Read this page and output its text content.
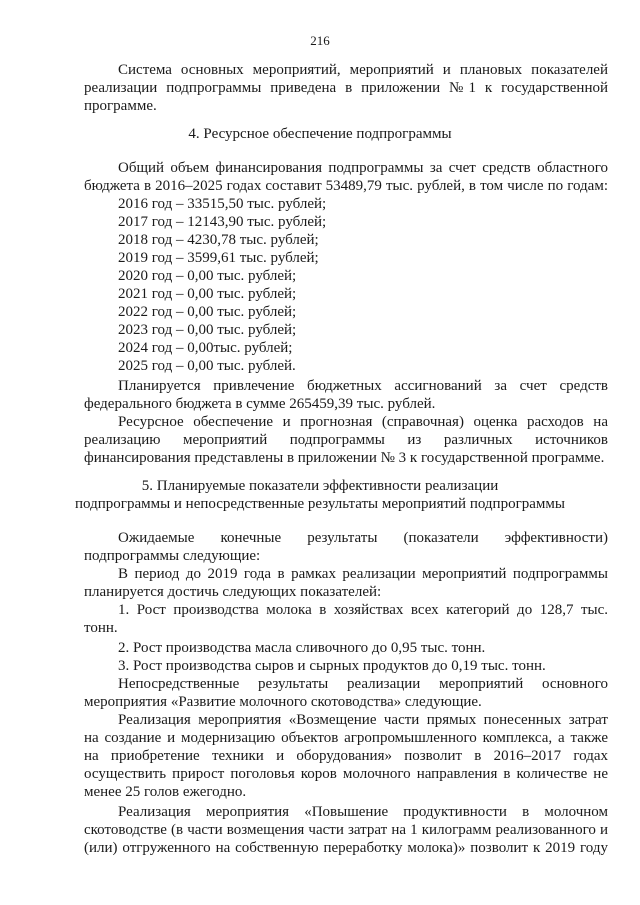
216
Система основных мероприятий, мероприятий и плановых показателей
реализации подпрограммы приведена в приложении №1 к государственной
программе.
4. Ресурсное обеспечение подпрограммы
Общий объем финансирования подпрограммы за счет средств областного
бюджета в 2016–2025 годах составит 53489,79 тыс. рублей, в том числе по годам:
2016 год – 33515,50 тыс. рублей;
2017 год – 12143,90 тыс. рублей;
2018 год – 4230,78 тыс. рублей;
2019 год – 3599,61 тыс. рублей;
2020 год – 0,00 тыс. рублей;
2021 год – 0,00 тыс. рублей;
2022 год – 0,00 тыс. рублей;
2023 год – 0,00 тыс. рублей;
2024 год – 0,00тыс. рублей;
2025 год – 0,00 тыс. рублей.
Планируется привлечение бюджетных ассигнований за счет средств
федерального бюджета в сумме 265459,39 тыс. рублей.
Ресурсное обеспечение и прогнозная (справочная) оценка расходов на
реализацию мероприятий подпрограммы из различных источников
финансирования представлены в приложении № 3 к государственной программе.
5. Планируемые показатели эффективности реализации
подпрограммы и непосредственные результаты мероприятий подпрограммы
Ожидаемые конечные результаты (показатели эффективности)
подпрограммы следующие:
В период до 2019 года в рамках реализации мероприятий подпрограммы
планируется достичь следующих показателей:
1. Рост производства молока в хозяйствах всех категорий до 128,7 тыс.
тонн.
2. Рост производства масла сливочного до 0,95 тыс. тонн.
3. Рост производства сыров и сырных продуктов до 0,19 тыс. тонн.
Непосредственные результаты реализации мероприятий основного
мероприятия «Развитие молочного скотоводства» следующие.
Реализация мероприятия «Возмещение части прямых понесенных затрат
на создание и модернизацию объектов агропромышленного комплекса, а также
на приобретение техники и оборудования» позволит в 2016–2017 годах
осуществить прирост поголовья коров молочного направления в количестве не
менее 25 голов ежегодно.
Реализация мероприятия «Повышение продуктивности в молочном
скотоводстве (в части возмещения части затрат на 1 килограмм реализованного и
(или) отгруженного на собственную переработку молока)» позволит к 2019 году
